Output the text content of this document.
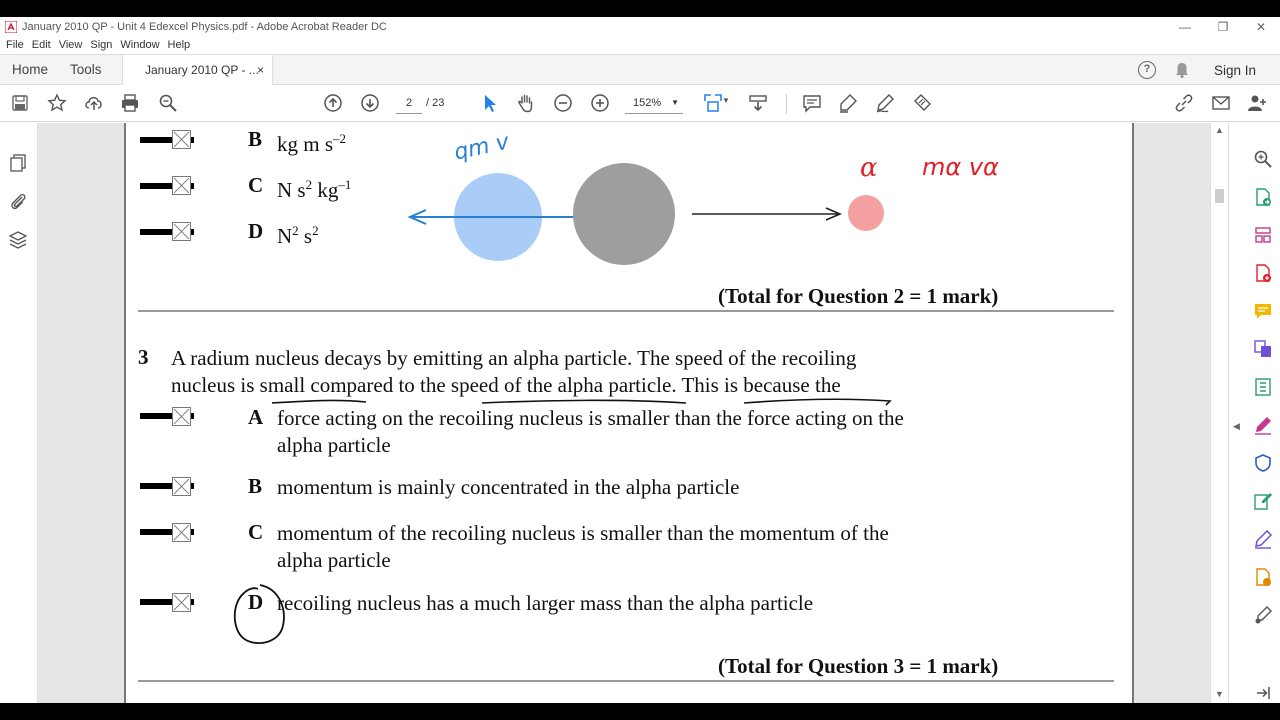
January 2010 QP - Unit 4 Edexcel Physics.pdf - Adobe Acrobat Reader DC	—	❐	✕
File Edit View Sign Window Help
Home Tools	January 2010 QP - ...
×	?	Sign In
2	/ 23	152% ▼	▼
B kg m $s^{-2}$
C N $s^2$ $kg^{-1}$
D $N^2$ $s^2$
qm v
α mα vα
(Total for Question 2 = 1 mark)
3 A radium nucleus decays by emitting an alpha particle. The speed of the recoiling
nucleus is small compared to the speed of the alpha particle. This is because the
A force acting on the recoiling nucleus is smaller than the force acting on the
alpha particle
B momentum is mainly concentrated in the alpha particle
C momentum of the recoiling nucleus is smaller than the momentum of the
alpha particle
D recoiling nucleus has a much larger mass than the alpha particle
(Total for Question 3 = 1 mark)
▲
▼
◀
